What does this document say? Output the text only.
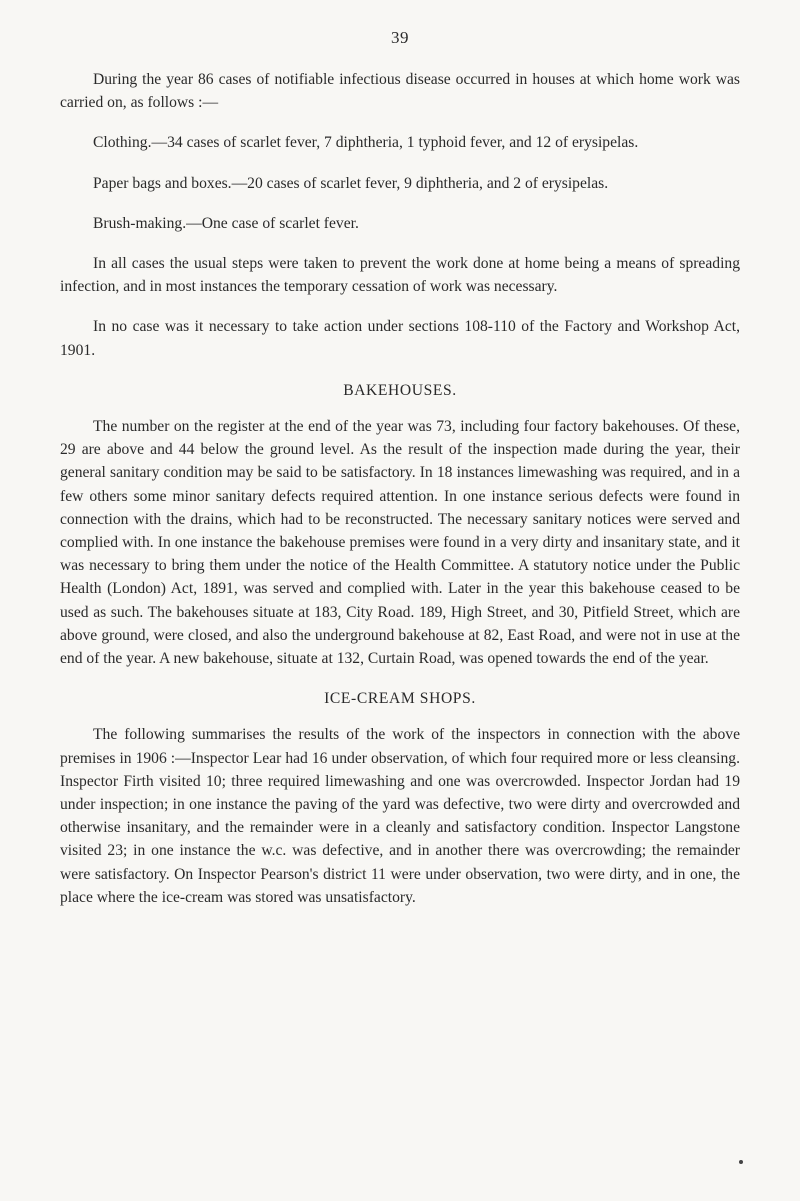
39

During the year 86 cases of notifiable infectious disease occurred in houses at which home work was carried on, as follows :—

Clothing.—34 cases of scarlet fever, 7 diphtheria, 1 typhoid fever, and 12 of erysipelas.

Paper bags and boxes.—20 cases of scarlet fever, 9 diphtheria, and 2 of erysipelas.

Brush-making.—One case of scarlet fever.

In all cases the usual steps were taken to prevent the work done at home being a means of spreading infection, and in most instances the temporary cessation of work was necessary.

In no case was it necessary to take action under sections 108-110 of the Factory and Workshop Act, 1901.

BAKEHOUSES.

The number on the register at the end of the year was 73, including four factory bakehouses. Of these, 29 are above and 44 below the ground level. As the result of the inspection made during the year, their general sanitary condition may be said to be satisfactory. In 18 instances limewashing was required, and in a few others some minor sanitary defects required attention. In one instance serious defects were found in connection with the drains, which had to be reconstructed. The necessary sanitary notices were served and complied with. In one instance the bakehouse premises were found in a very dirty and insanitary state, and it was necessary to bring them under the notice of the Health Committee. A statutory notice under the Public Health (London) Act, 1891, was served and complied with. Later in the year this bakehouse ceased to be used as such. The bakehouses situate at 183, City Road. 189, High Street, and 30, Pitfield Street, which are above ground, were closed, and also the underground bakehouse at 82, East Road, and were not in use at the end of the year. A new bakehouse, situate at 132, Curtain Road, was opened towards the end of the year.

ICE-CREAM SHOPS.

The following summarises the results of the work of the inspectors in connection with the above premises in 1906 :—Inspector Lear had 16 under observation, of which four required more or less cleansing. Inspector Firth visited 10; three required limewashing and one was overcrowded. Inspector Jordan had 19 under inspection; in one instance the paving of the yard was defective, two were dirty and overcrowded and otherwise insanitary, and the remainder were in a cleanly and satisfactory condition. Inspector Langstone visited 23; in one instance the w.c. was defective, and in another there was overcrowding; the remainder were satisfactory. On Inspector Pearson's district 11 were under observation, two were dirty, and in one, the place where the ice-cream was stored was unsatisfactory.
